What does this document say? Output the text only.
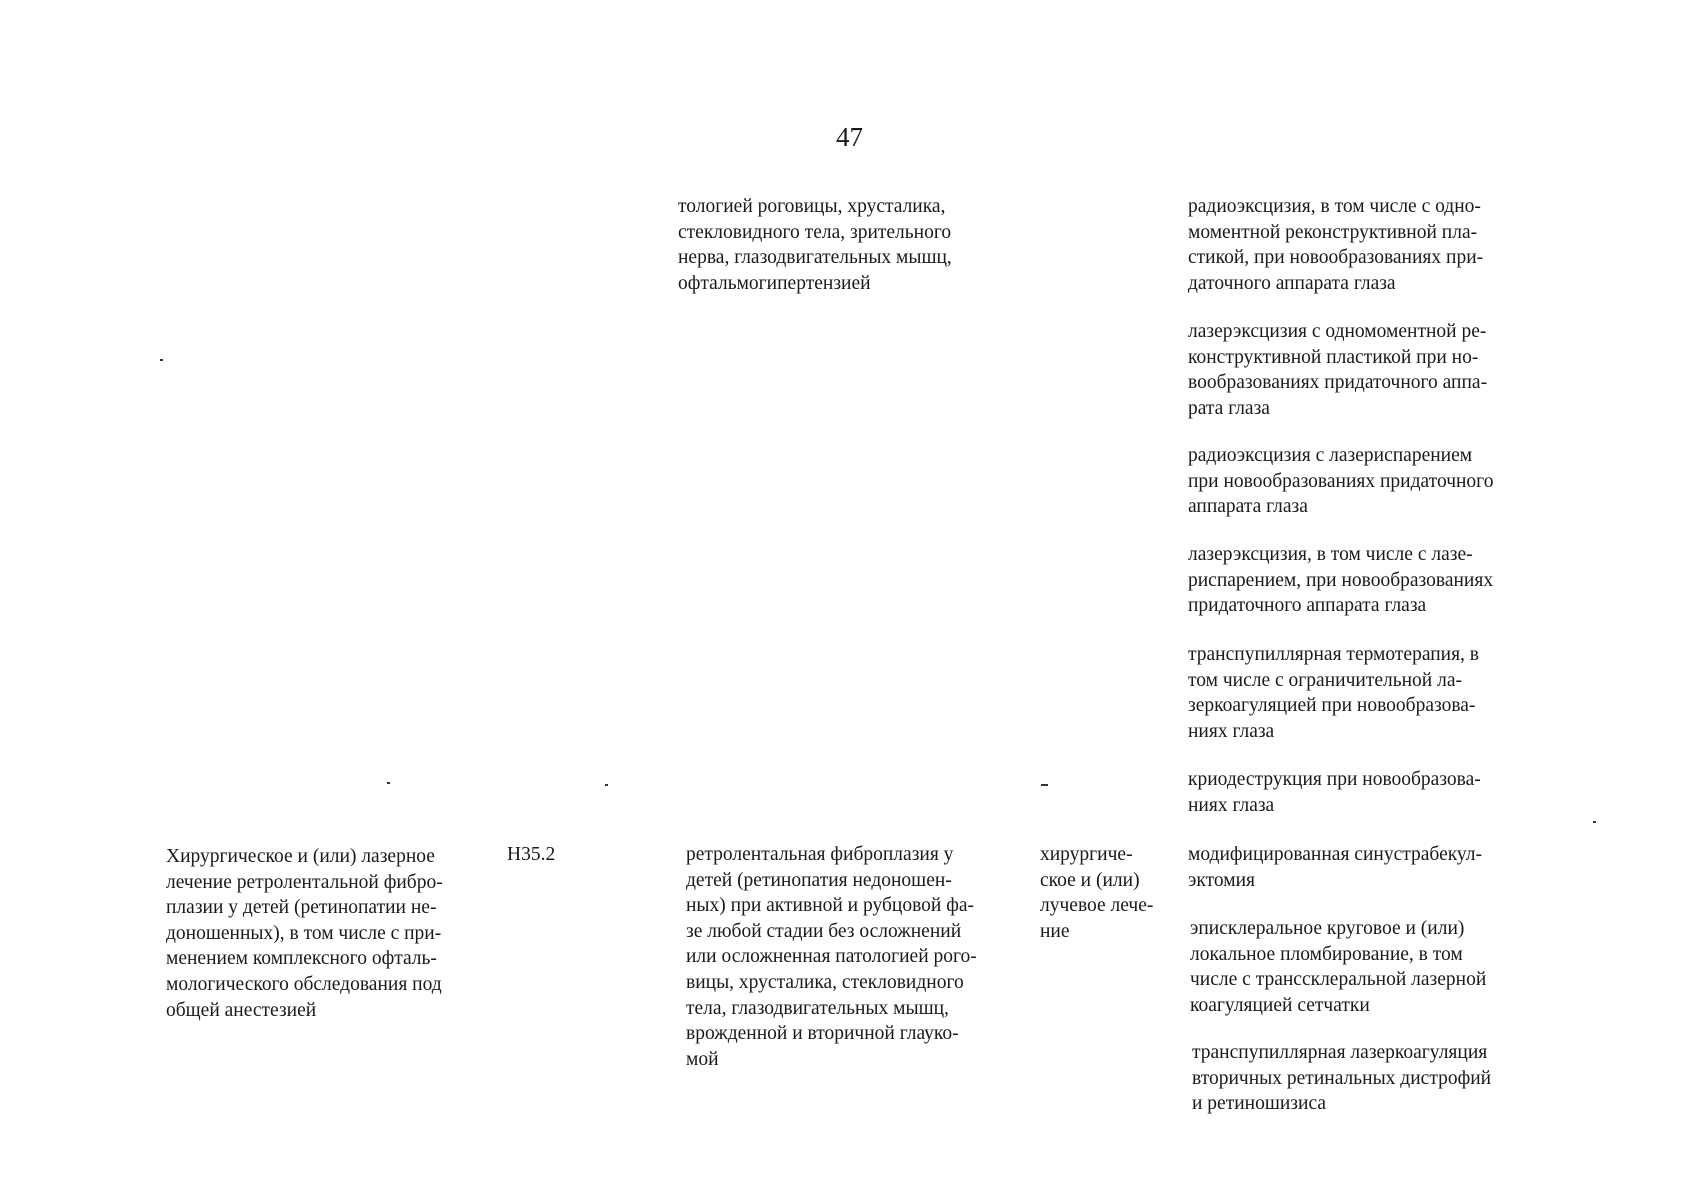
47

тологией роговицы, хрусталика,
стекловидного тела, зрительного
нерва, глазодвигательных мышц,
офтальмогипертензией

радиоэксцизия, в том числе с одно-
моментной реконструктивной пла-
стикой, при новообразованиях при-
даточного аппарата глаза

лазерэксцизия с одномоментной ре-
конструктивной пластикой при но-
вообразованиях придаточного аппа-
рата глаза

радиоэксцизия с лазериспарением
при новообразованиях придаточного
аппарата глаза

лазерэксцизия, в том числе с лазе-
риспарением, при новообразованиях
придаточного аппарата глаза

транспупиллярная термотерапия, в
том числе с ограничительной ла-
зеркоагуляцией при новообразова-
ниях глаза

криодеструкция при новообразова-
ниях глаза

Хирургическое и (или) лазерное
лечение ретролентальной фибро-
плазии у детей (ретинопатии не-
доношенных), в том числе с при-
менением комплексного офталь-
мологического обследования под
общей анестезией

H35.2	ретролентальная фиброплазия у
детей (ретинопатия недоношен-
ных) при активной и рубцовой фа-
зе любой стадии без осложнений
или осложненная патологией рого-
вицы, хрусталика, стекловидного
тела, глазодвигательных мышц,
врожденной и вторичной глауко-
мой

хирургиче-
ское и (или)
лучевое лече-
ние

модифицированная синустрабекул-
эктомия

эписклеральное круговое и (или)
локальное пломбирование, в том
числе с транссклеральной лазерной
коагуляцией сетчатки

транспупиллярная лазеркоагуляция
вторичных ретинальных дистрофий
и ретиношизиса
